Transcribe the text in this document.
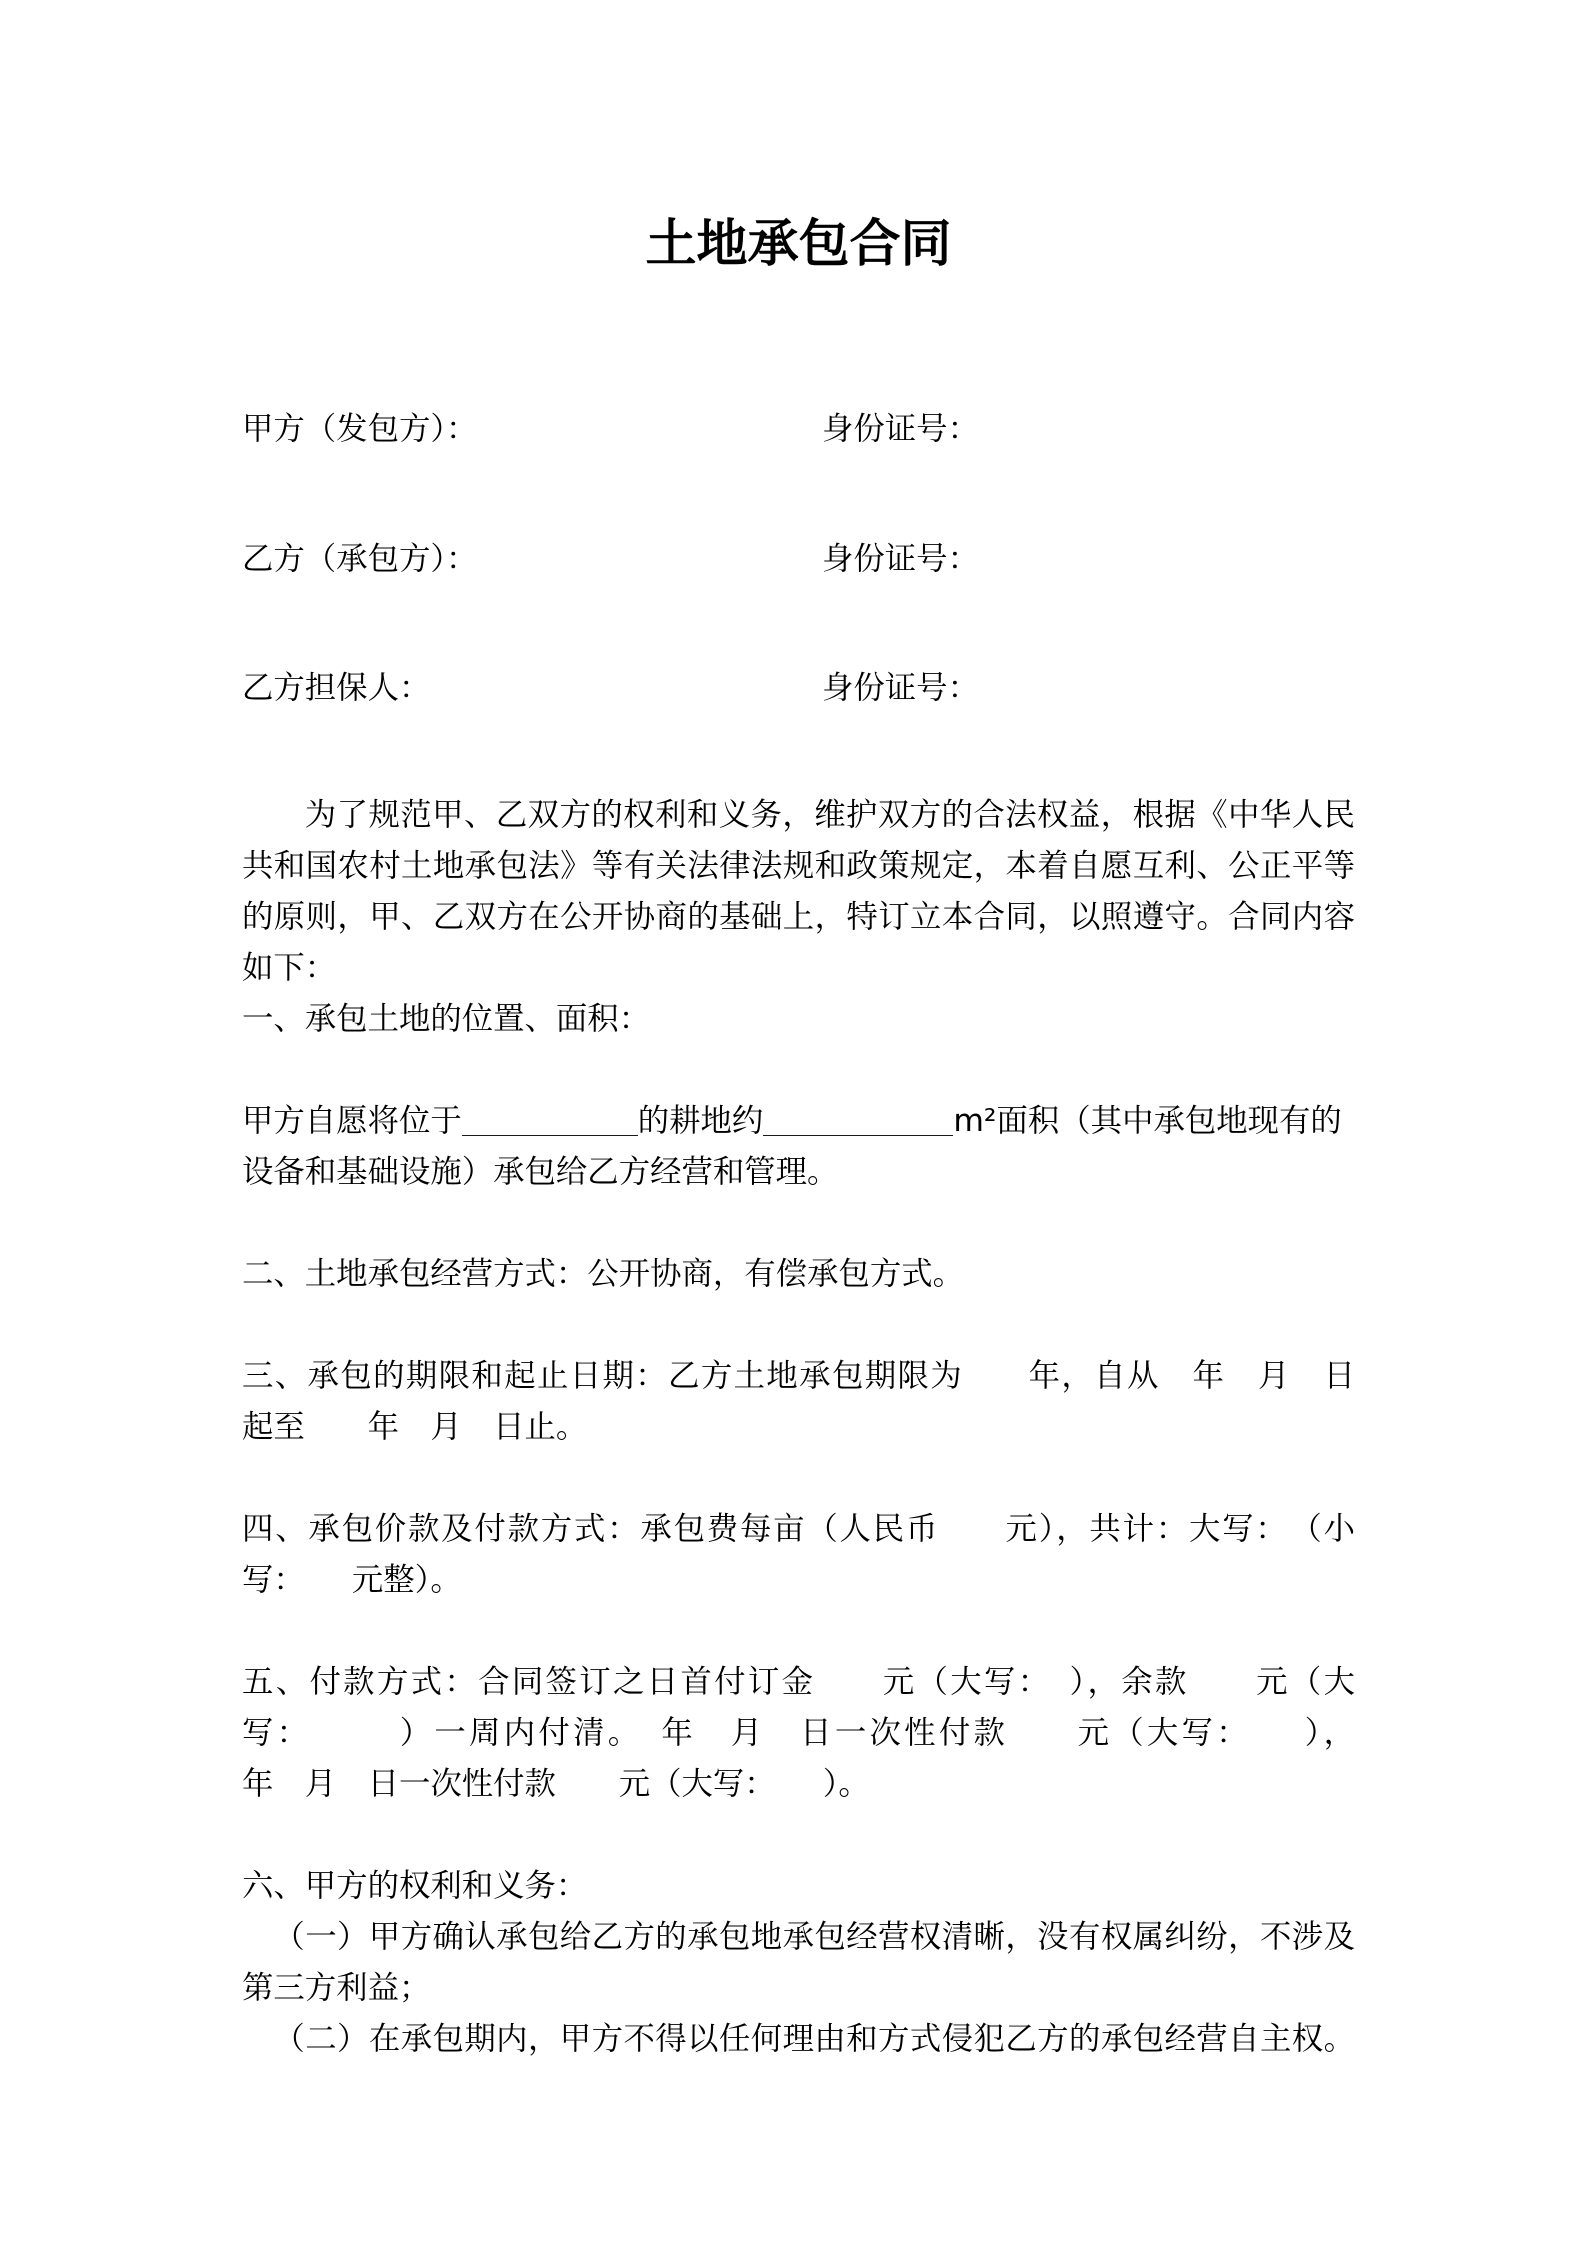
土地承包合同
甲方（发包方）：	身份证号：
乙方（承包方）：	身份证号：
乙方担保人：	身份证号：
为了规范甲、乙双方的权利和义务，维护双方的合法权益，根据《中华人民
共和国农村土地承包法》等有关法律法规和政策规定，本着自愿互利、公正平等
的原则，甲、乙双方在公开协商的基础上，特订立本合同，以照遵守。合同内容
如下：
一、承包土地的位置、面积：
甲方自愿将位于	的耕地约	m²面积（其中承包地现有的
设备和基础设施）承包给乙方经营和管理。
二、土地承包经营方式：公开协商，有偿承包方式。
三、承包的期限和起止日期：乙方土地承包期限为　　年，自从　年　月　日
起至　　年　月　日止。
四、承包价款及付款方式：承包费每亩（人民币　　元），共计：大写：　（小
写：　　元整）。
五、付款方式：合同签订之日首付订金　　元（大写：　），余款　　元（大
写：　　　）一周内付清。　年　月　日一次性付款　　元（大写：　　），
年　月　日一次性付款　　元（大写：　　）。
六、甲方的权利和义务：
（一）甲方确认承包给乙方的承包地承包经营权清晰，没有权属纠纷，不涉及
第三方利益；
（二）在承包期内，甲方不得以任何理由和方式侵犯乙方的承包经营自主权。
